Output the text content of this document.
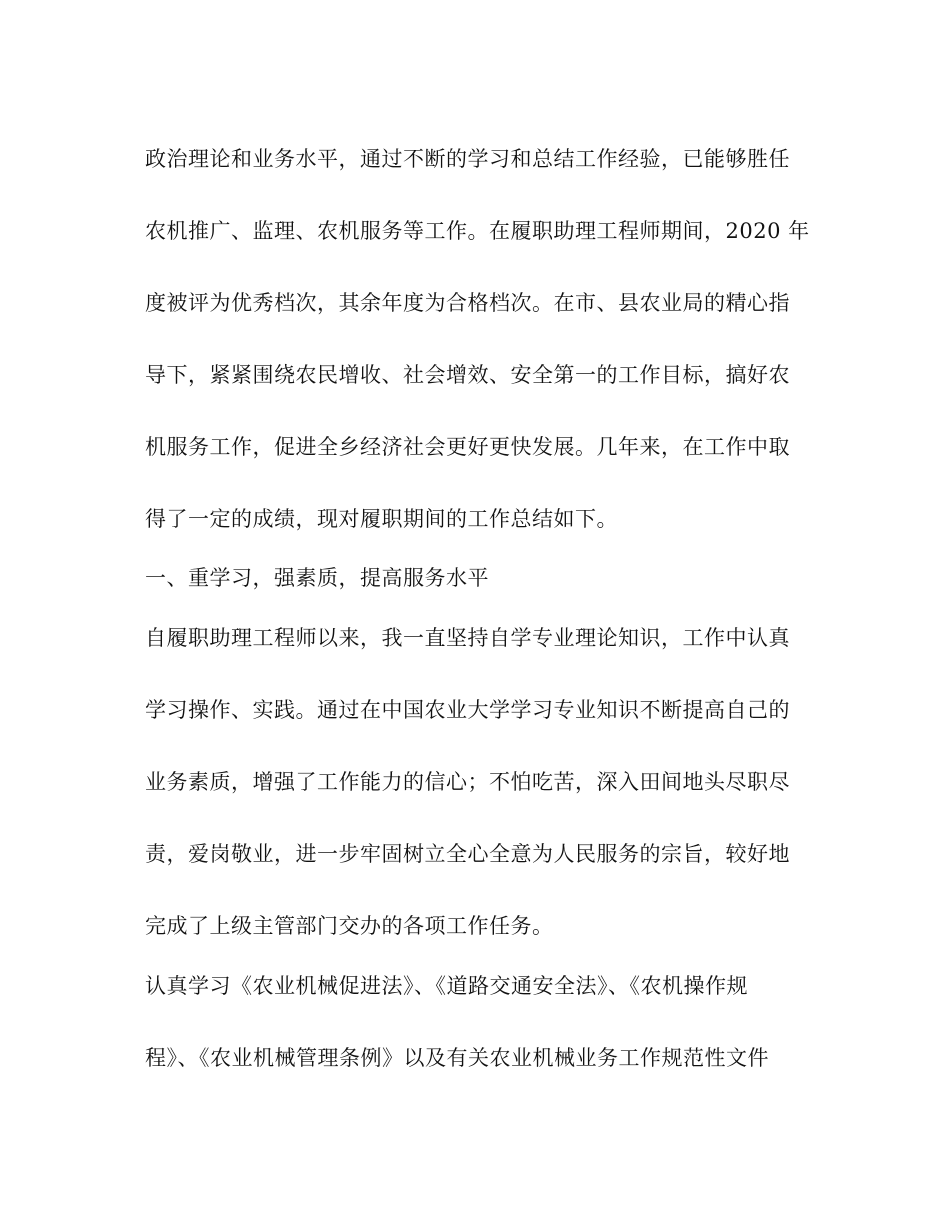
政治理论和业务水平，通过不断的学习和总结工作经验，已能够胜任
农机推广、监理、农机服务等工作。在履职助理工程师期间，2020 年
度被评为优秀档次，其余年度为合格档次。在市、县农业局的精心指
导下，紧紧围绕农民增收、社会增效、安全第一的工作目标，搞好农
机服务工作，促进全乡经济社会更好更快发展。几年来，在工作中取
得了一定的成绩，现对履职期间的工作总结如下。
一、重学习，强素质，提高服务水平
自履职助理工程师以来，我一直坚持自学专业理论知识，工作中认真
学习操作、实践。通过在中国农业大学学习专业知识不断提高自己的
业务素质，增强了工作能力的信心；不怕吃苦，深入田间地头尽职尽
责，爱岗敬业，进一步牢固树立全心全意为人民服务的宗旨，较好地
完成了上级主管部门交办的各项工作任务。
认真学习《农业机械促进法》、《道路交通安全法》、《农机操作规
程》、《农业机械管理条例》以及有关农业机械业务工作规范性文件
